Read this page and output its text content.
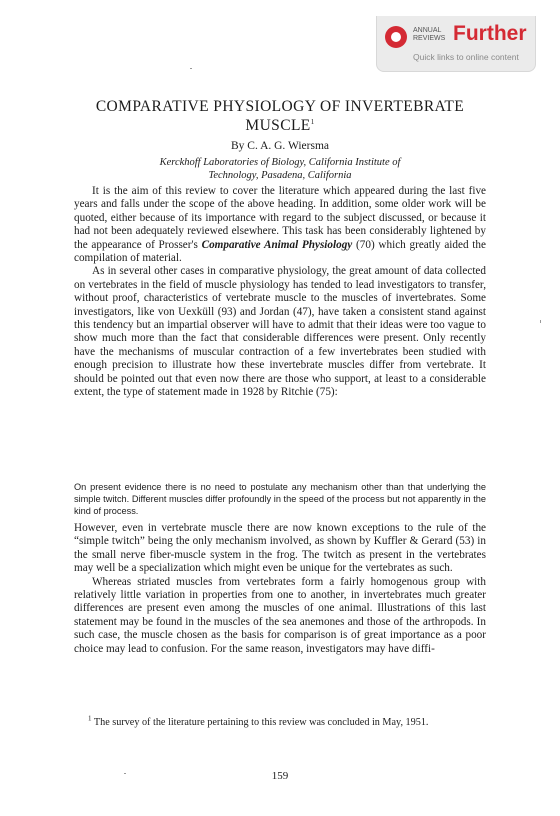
ANNUAL
REVIEWS Further
Quick links to online content
COMPARATIVE PHYSIOLOGY OF INVERTEBRATE MUSCLE$^1$
By C. A. G. Wiersma
Kerckhoff Laboratories of Biology, California Institute of
Technology, Pasadena, California

It is the aim of this review to cover the literature which appeared during the last five years and falls under the scope of the above heading. In addition, some older work will be quoted, either because of its importance with regard to the subject discussed, or because it had not been adequately reviewed elsewhere. This task has been considerably lightened by the appearance of Prosser's Comparative Animal Physiology (70) which greatly aided the compilation of material.

As in several other cases in comparative physiology, the great amount of data collected on vertebrates in the field of muscle physiology has tended to lead investigators to transfer, without proof, characteristics of vertebrate muscle to the muscles of invertebrates. Some investigators, like von Uexküll (93) and Jordan (47), have taken a consistent stand against this tendency but an impartial observer will have to admit that their ideas were too vague to show much more than the fact that considerable differences were present. Only recently have the mechanisms of muscular contraction of a few invertebrates been studied with enough precision to illustrate how these invertebrate muscles differ from vertebrate. It should be pointed out that even now there are those who support, at least to a considerable extent, the type of statement made in 1928 by Ritchie (75):

On present evidence there is no need to postulate any mechanism other than that underlying the simple twitch. Different muscles differ profoundly in the speed of the process but not apparently in the kind of process.

However, even in vertebrate muscle there are now known exceptions to the rule of the “simple twitch” being the only mechanism involved, as shown by Kuffler & Gerard (53) in the small nerve fiber-muscle system in the frog. The twitch as present in the vertebrates may well be a specialization which might even be unique for the vertebrates as such.

Whereas striated muscles from vertebrates form a fairly homogenous group with relatively little variation in properties from one to another, in invertebrates much greater differences are present even among the muscles of one animal. Illustrations of this last statement may be found in the muscles of the sea anemones and those of the arthropods. In such case, the muscle chosen as the basis for comparison is of great importance as a poor choice may lead to confusion. For the same reason, investigators may have diffi-

$^1$ The survey of the literature pertaining to this review was concluded in May, 1951.

159
